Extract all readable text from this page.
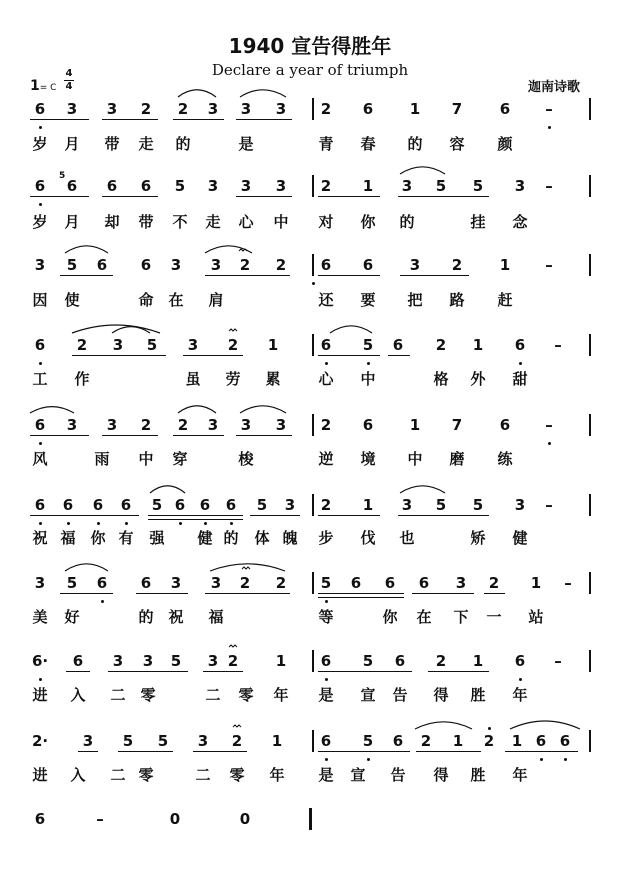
1940 宣告得胜年
Declare a year of triumph
迦南诗歌
1= C
4
4
6 3 3 2 2 3 3 3 2 6 1 7	6 –
岁 月 带 走 的	是	青 春 的 容 颜
6 6 6 6 5 3 3 3 2 1 3 5 5 3 –
岁 月 却 带 不 走 心 中 对 你 的	挂 念
5
3 5 6 6 3 3 2 2 6 6 3 2	1 –
因 使	命 在 肩	还 要 把 路 赶
6 2 3 5 3 2 1	6 5 6 2 1 6 –
工 作	虽 劳 累	心 中	格 外 甜
6 3 3 2 2 3 3 3 2 6 1 7	6 –
风	雨 中 穿	梭	逆 境 中 磨 练
6 6 6 6 5 6 6 6 5 3 2 1 3 5 5 3 –
祝 福 你 有 强 健 的 体 魄 步 伐 也	矫 健
3 5 6 6 3 3 2 2 5 6 6 6 3 2 1 –
美 好	的 祝 福	等	你 在 下 一 站
6· 6 3 3 5 3 2	1 6 5 6 2 1 6 –
进 入 二 零	二 零 年 是 宣 告 得 胜 年
2· 3 5 5 3 2 1	6 5 6 2 1 2 1 6 6
进 入 二 零	二 零 年 是 宣 告 得 胜 年
6	–	0	0
